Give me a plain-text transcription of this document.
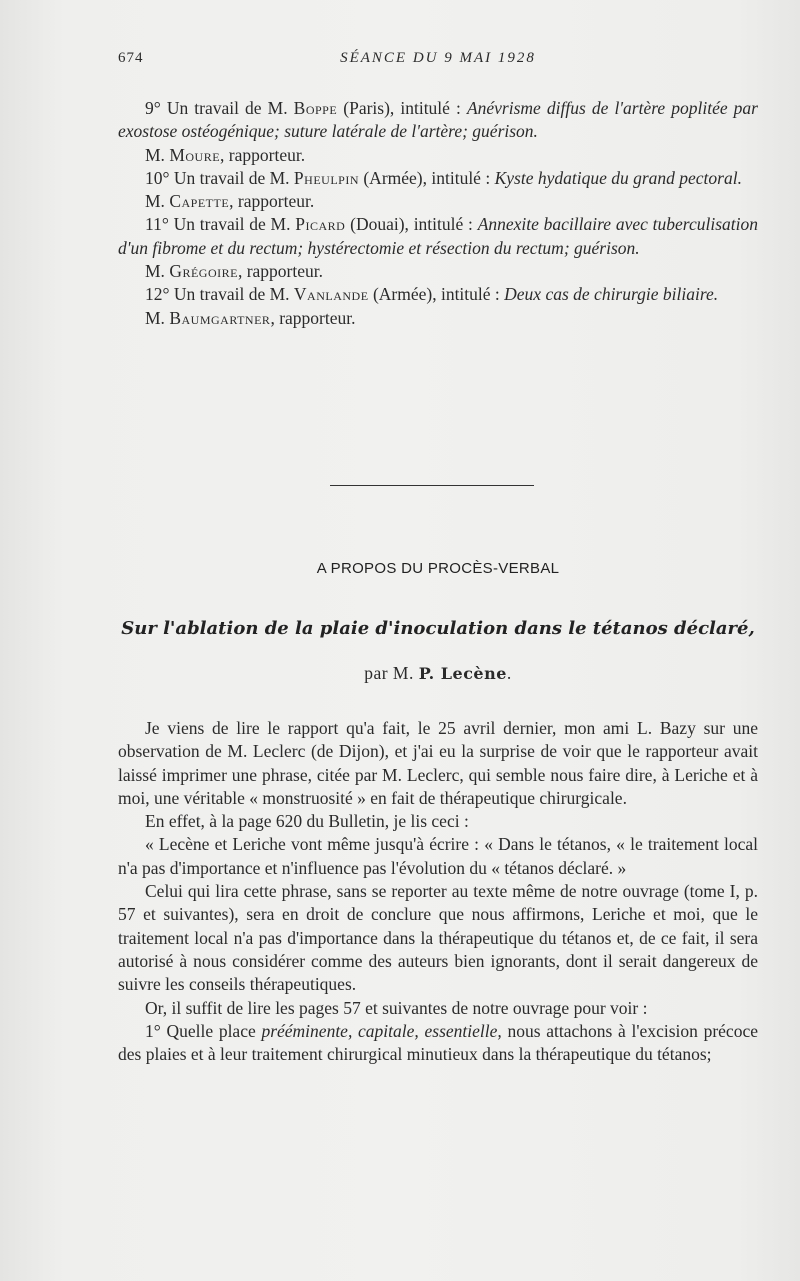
674	SÉANCE DU 9 MAI 1928

9° Un travail de M. Boppe (Paris), intitulé : Anévrisme diffus de l'artère poplitée par exostose ostéogénique; suture latérale de l'artère; guérison.

M. Moure, rapporteur.

10° Un travail de M. Pheulpin (Armée), intitulé : Kyste hydatique du grand pectoral.

M. Capette, rapporteur.

11° Un travail de M. Picard (Douai), intitulé : Annexite bacillaire avec tuberculisation d'un fibrome et du rectum; hystérectomie et résection du rectum; guérison.

M. Grégoire, rapporteur.

12° Un travail de M. Vanlande (Armée), intitulé : Deux cas de chirurgie biliaire.

M. Baumgartner, rapporteur.

A PROPOS DU PROCÈS-VERBAL
Sur l'ablation de la plaie d'inoculation dans le tétanos déclaré,
par M. P. Lecène.

Je viens de lire le rapport qu'a fait, le 25 avril dernier, mon ami L. Bazy sur une observation de M. Leclerc (de Dijon), et j'ai eu la surprise de voir que le rapporteur avait laissé imprimer une phrase, citée par M. Leclerc, qui semble nous faire dire, à Leriche et à moi, une véritable « monstruosité » en fait de thérapeutique chirurgicale.

En effet, à la page 620 du Bulletin, je lis ceci :

« Lecène et Leriche vont même jusqu'à écrire : « Dans le tétanos, « le traitement local n'a pas d'importance et n'influence pas l'évolution du « tétanos déclaré. »

Celui qui lira cette phrase, sans se reporter au texte même de notre ouvrage (tome I, p. 57 et suivantes), sera en droit de conclure que nous affirmons, Leriche et moi, que le traitement local n'a pas d'importance dans la thérapeutique du tétanos et, de ce fait, il sera autorisé à nous considérer comme des auteurs bien ignorants, dont il serait dangereux de suivre les conseils thérapeutiques.

Or, il suffit de lire les pages 57 et suivantes de notre ouvrage pour voir :

1° Quelle place prééminente, capitale, essentielle, nous attachons à l'excision précoce des plaies et à leur traitement chirurgical minutieux dans la thérapeutique du tétanos;
